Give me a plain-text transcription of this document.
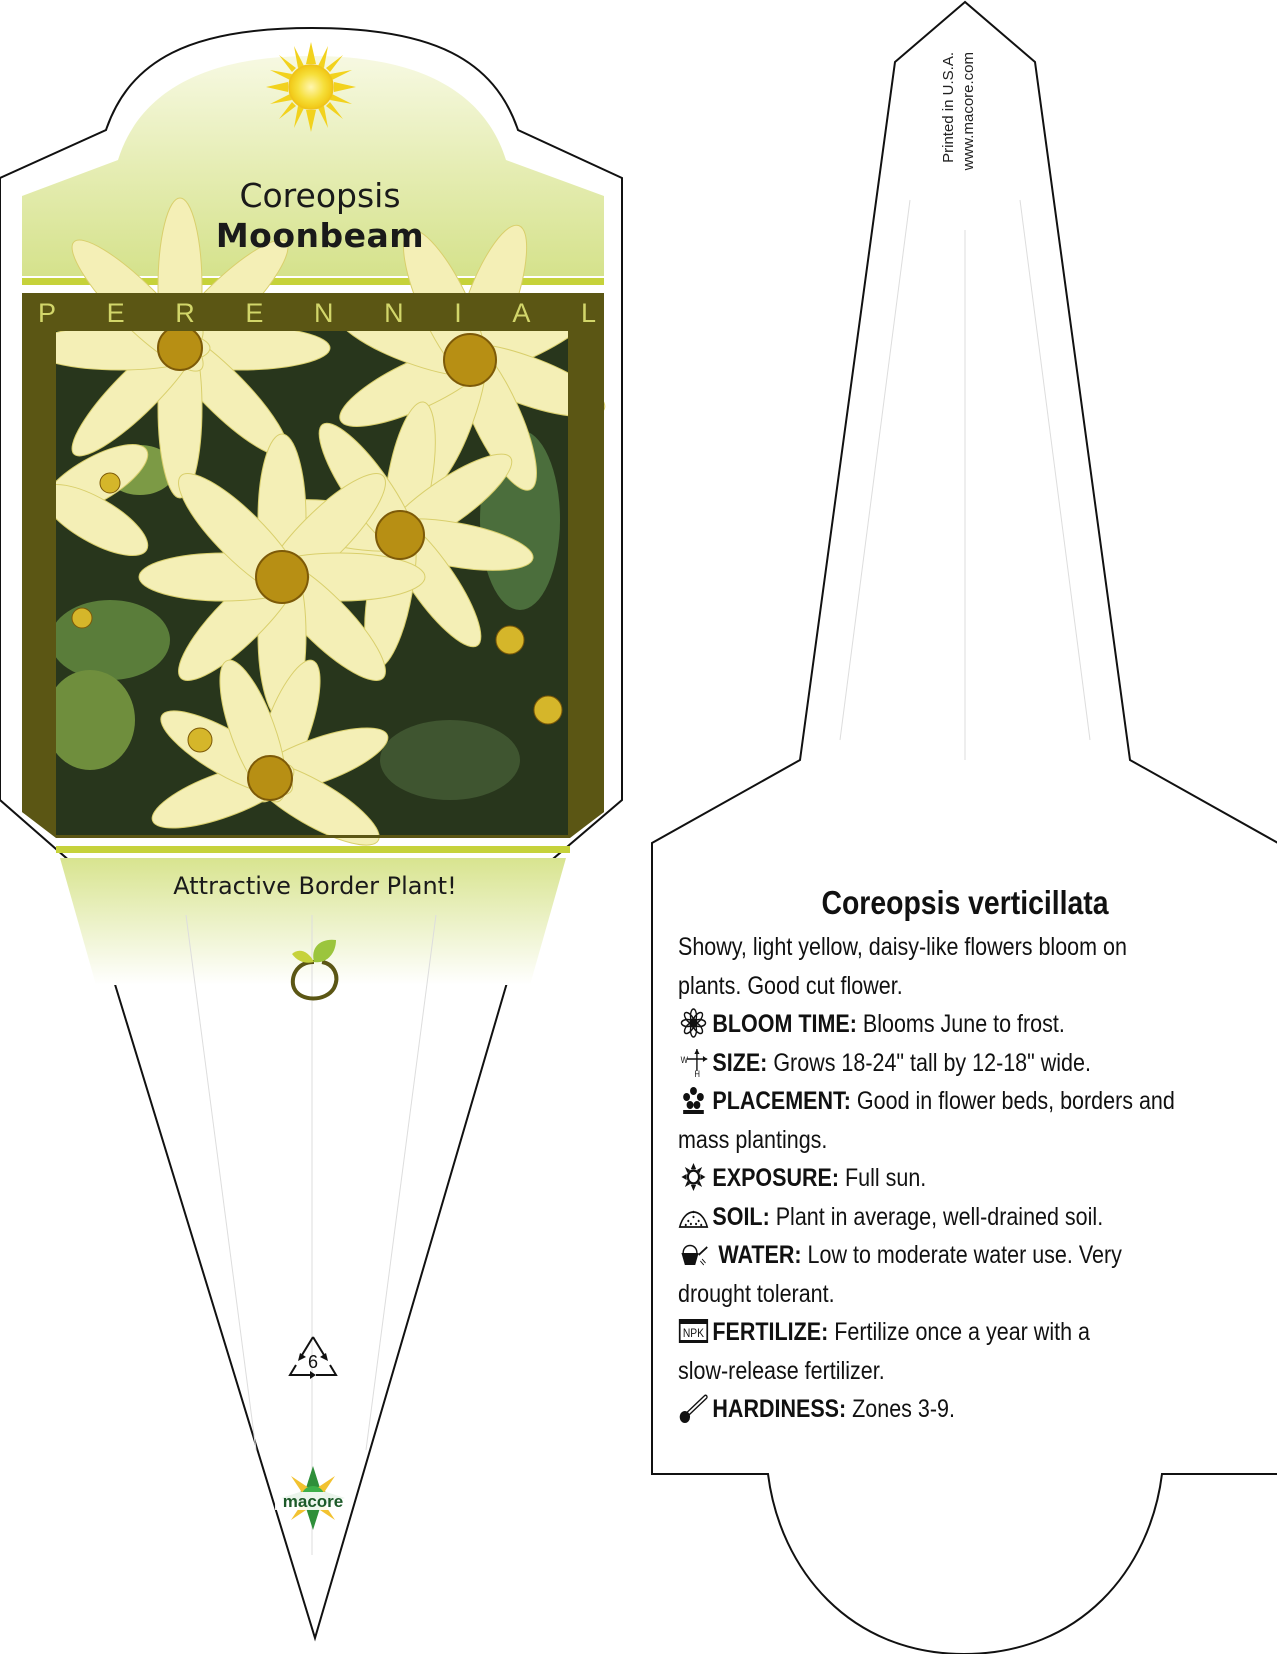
Coreopsis
Moonbeam
P E R E N N I A L
Attractive Border Plant!
6
macore
Printed in U.S.A. www.macore.com
Coreopsis verticillata
Showy, light yellow, daisy-like flowers bloom on
plants. Good cut flower.
BLOOM TIME: Blooms June to frost.
W
H SIZE: Grows 18-24" tall by 12-18" wide.
PLACEMENT: Good in flower beds, borders and
mass plantings.
EXPOSURE: Full sun.
SOIL: Plant in average, well-drained soil.
WATER: Low to moderate water use. Very
drought tolerant.
NPK FERTILIZE: Fertilize once a year with a
slow-release fertilizer.
HARDINESS: Zones 3-9.
